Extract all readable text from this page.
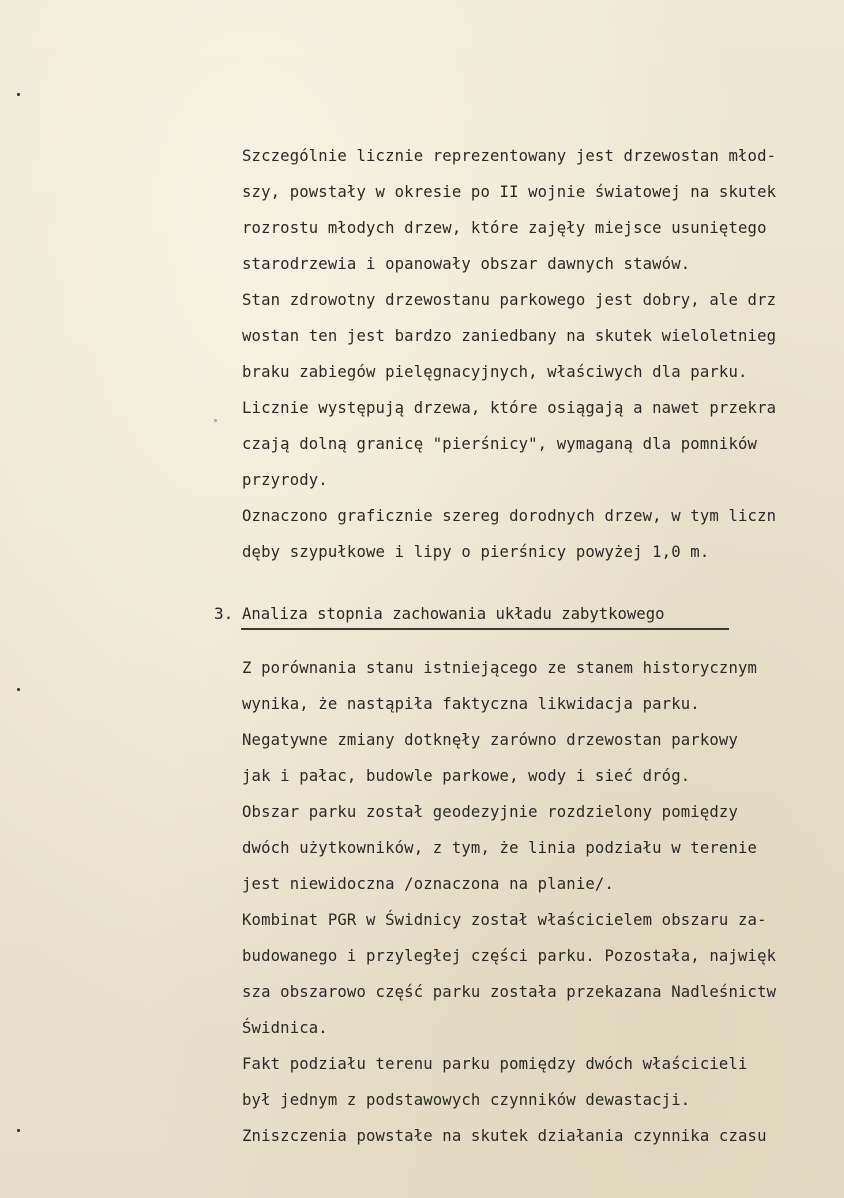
Szczególnie licznie reprezentowany jest drzewostan młod-
szy, powstały w okresie po II wojnie światowej na skutek
rozrostu młodych drzew, które zajęły miejsce usuniętego
starodrzewia i opanowały obszar dawnych stawów.
Stan zdrowotny drzewostanu parkowego jest dobry, ale drz
wostan ten jest bardzo zaniedbany na skutek wieloletnieg
braku zabiegów pielęgnacyjnych, właściwych dla parku.
Licznie występują drzewa, które osiągają a nawet przekra
czają dolną granicę "pierśnicy", wymaganą dla pomników
przyrody.
Oznaczono graficznie szereg dorodnych drzew, w tym liczn
dęby szypułkowe i lipy o pierśnicy powyżej 1,0 m.
3. Analiza stopnia zachowania układu zabytkowego
Z porównania stanu istniejącego ze stanem historycznym
wynika, że nastąpiła faktyczna likwidacja parku.
Negatywne zmiany dotknęły zarówno drzewostan parkowy
jak i pałac, budowle parkowe, wody i sieć dróg.
Obszar parku został geodezyjnie rozdzielony pomiędzy
dwóch użytkowników, z tym, że linia podziału w terenie
jest niewidoczna /oznaczona na planie/.
Kombinat PGR w Świdnicy został właścicielem obszaru za-
budowanego i przyległej części parku. Pozostała, najwięk
sza obszarowo część parku została przekazana Nadleśnictw
Świdnica.
Fakt podziału terenu parku pomiędzy dwóch właścicieli
był jednym z podstawowych czynników dewastacji.
Zniszczenia powstałe na skutek działania czynnika czasu
